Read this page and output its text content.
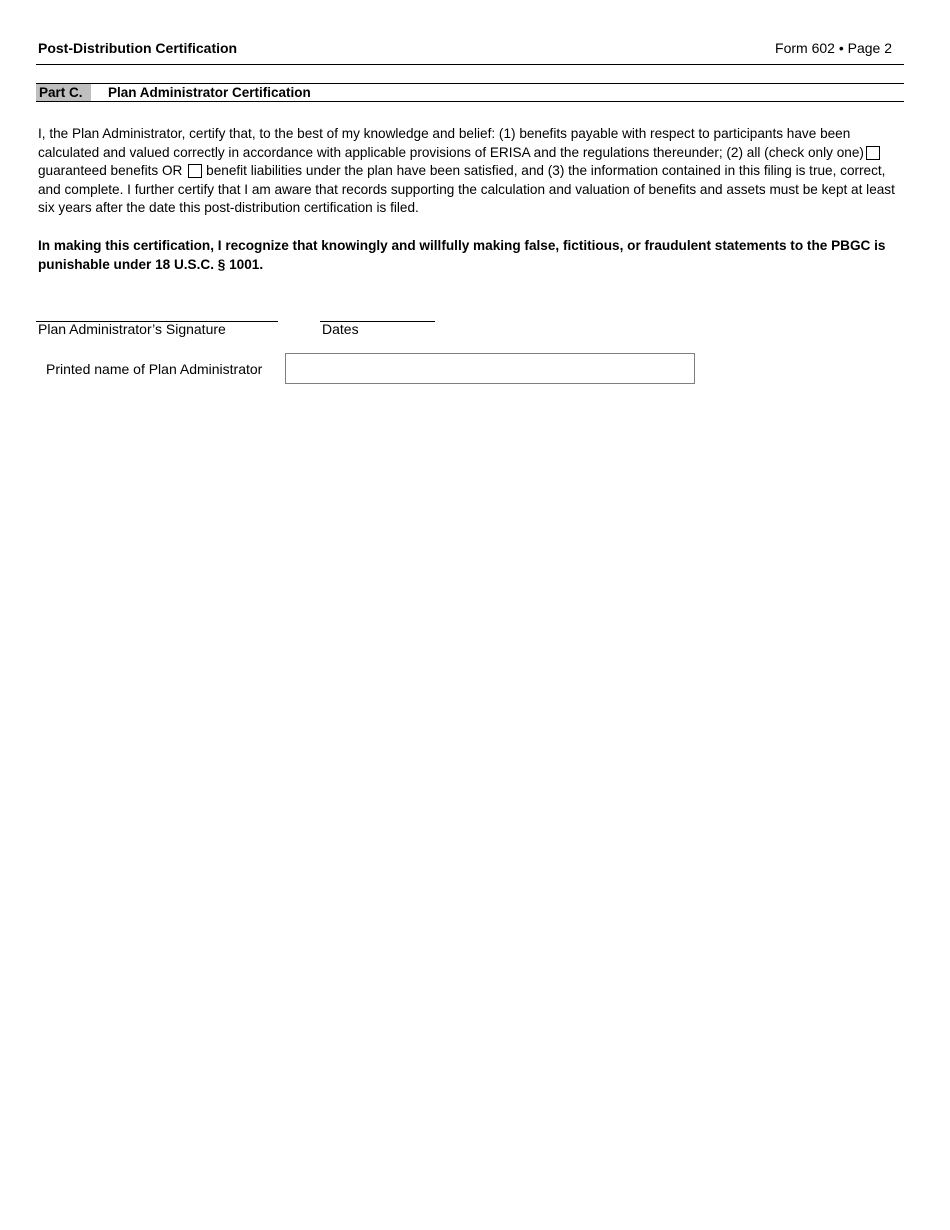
Post-Distribution Certification	Form 602 • Page 2
Part C.	Plan Administrator Certification

I, the Plan Administrator, certify that, to the best of my knowledge and belief: (1) benefits payable with respect to participants have been calculated and valued correctly in accordance with applicable provisions of ERISA and the regulations thereunder; (2) all (check only one) guaranteed benefits OR benefit liabilities under the plan have been satisfied, and (3) the information contained in this filing is true, correct, and complete. I further certify that I am aware that records supporting the calculation and valuation of benefits and assets must be kept at least six years after the date this post-distribution certification is filed.

In making this certification, I recognize that knowingly and willfully making false, fictitious, or fraudulent statements to the PBGC is punishable under 18 U.S.C. § 1001.

Plan Administrator’s Signature	Dates
Printed name of Plan Administrator
